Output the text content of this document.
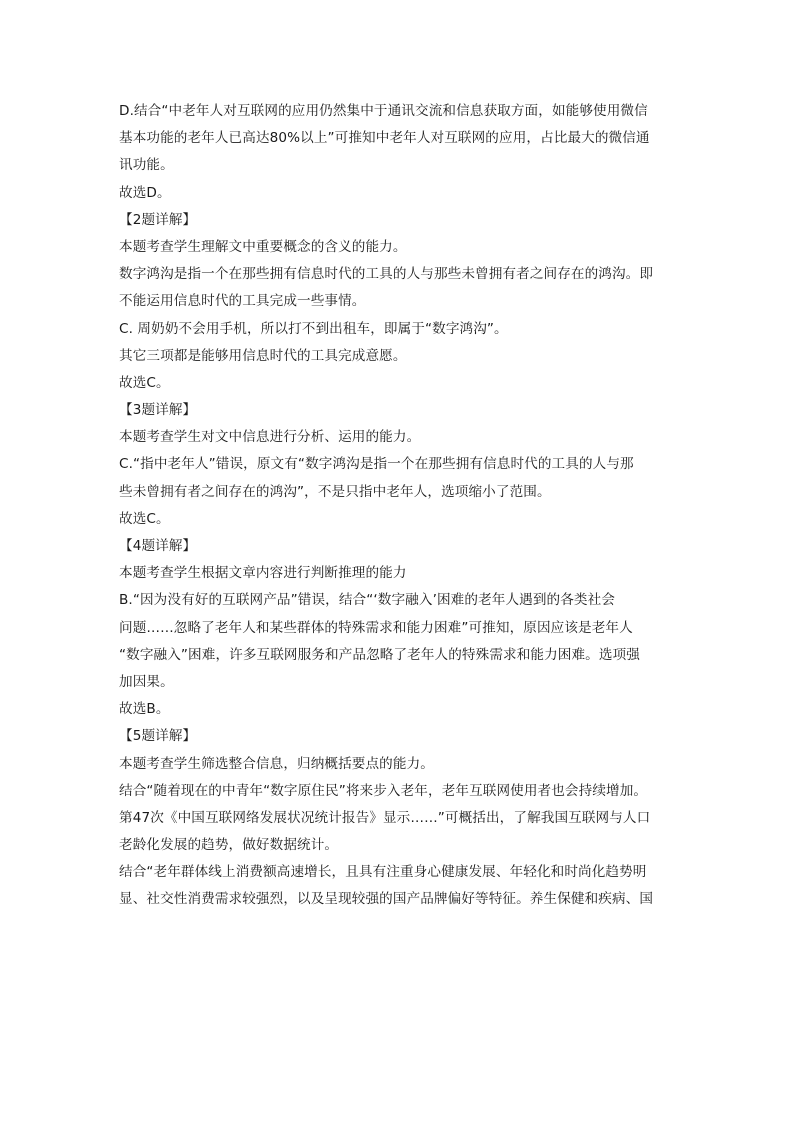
D.结合“中老年人对互联网的应用仍然集中于通讯交流和信息获取方面，如能够使用微信
基本功能的老年人已高达80%以上”可推知中老年人对互联网的应用，占比最大的微信通
讯功能。
故选D。
【2题详解】
本题考查学生理解文中重要概念的含义的能力。
数字鸿沟是指一个在那些拥有信息时代的工具的人与那些未曾拥有者之间存在的鸿沟。即
不能运用信息时代的工具完成一些事情。
C. 周奶奶不会用手机，所以打不到出租车，即属于“数字鸿沟”。
其它三项都是能够用信息时代的工具完成意愿。
故选C。
【3题详解】
本题考查学生对文中信息进行分析、运用的能力。
C.“指中老年人”错误，原文有“数字鸿沟是指一个在那些拥有信息时代的工具的人与那
些未曾拥有者之间存在的鸿沟”，不是只指中老年人，选项缩小了范围。
故选C。
【4题详解】
本题考查学生根据文章内容进行判断推理的能力
B.“因为没有好的互联网产品”错误，结合“‘数字融入’困难的老年人遇到的各类社会
问题……忽略了老年人和某些群体的特殊需求和能力困难”可推知，原因应该是老年人
“数字融入”困难，许多互联网服务和产品忽略了老年人的特殊需求和能力困难。选项强
加因果。
故选B。
【5题详解】
本题考查学生筛选整合信息，归纳概括要点的能力。
结合“随着现在的中青年“数字原住民”将来步入老年，老年互联网使用者也会持续增加。
第47次《中国互联网络发展状况统计报告》显示……”可概括出，了解我国互联网与人口
老龄化发展的趋势，做好数据统计。
结合“老年群体线上消费额高速增长，且具有注重身心健康发展、年轻化和时尚化趋势明
显、社交性消费需求较强烈，以及呈现较强的国产品牌偏好等特征。养生保健和疾病、国
